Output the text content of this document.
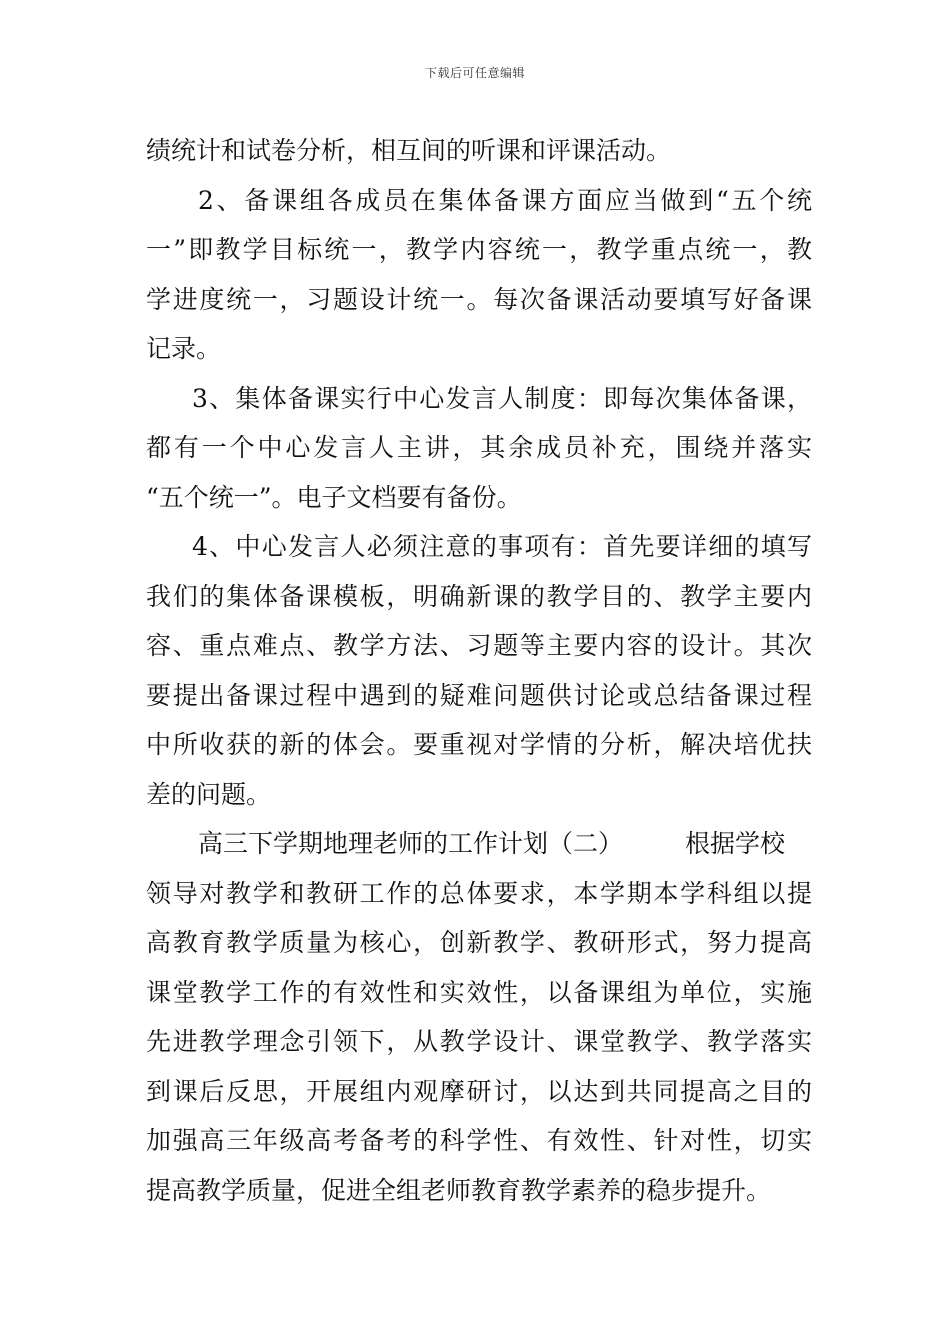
下载后可任意编辑
绩统计和试卷分析，相互间的听课和评课活动。
2、备课组各成员在集体备课方面应当做到“五个统
一”即教学目标统一，教学内容统一，教学重点统一，教
学进度统一，习题设计统一。每次备课活动要填写好备课
记录。
3、集体备课实行中心发言人制度：即每次集体备课，
都有一个中心发言人主讲，其余成员补充，围绕并落实
“五个统一”。电子文档要有备份。
4、中心发言人必须注意的事项有：首先要详细的填写
我们的集体备课模板，明确新课的教学目的、教学主要内
容、重点难点、教学方法、习题等主要内容的设计。其次
要提出备课过程中遇到的疑难问题供讨论或总结备课过程
中所收获的新的体会。要重视对学情的分析，解决培优扶
差的问题。
高三下学期地理老师的工作计划（二） 根据学校
领导对教学和教研工作的总体要求，本学期本学科组以提
高教育教学质量为核心，创新教学、教研形式，努力提高
课堂教学工作的有效性和实效性，以备课组为单位，实施
先进教学理念引领下，从教学设计、课堂教学、教学落实
到课后反思，开展组内观摩研讨，以达到共同提高之目的
加强高三年级高考备考的科学性、有效性、针对性，切实
提高教学质量，促进全组老师教育教学素养的稳步提升。
